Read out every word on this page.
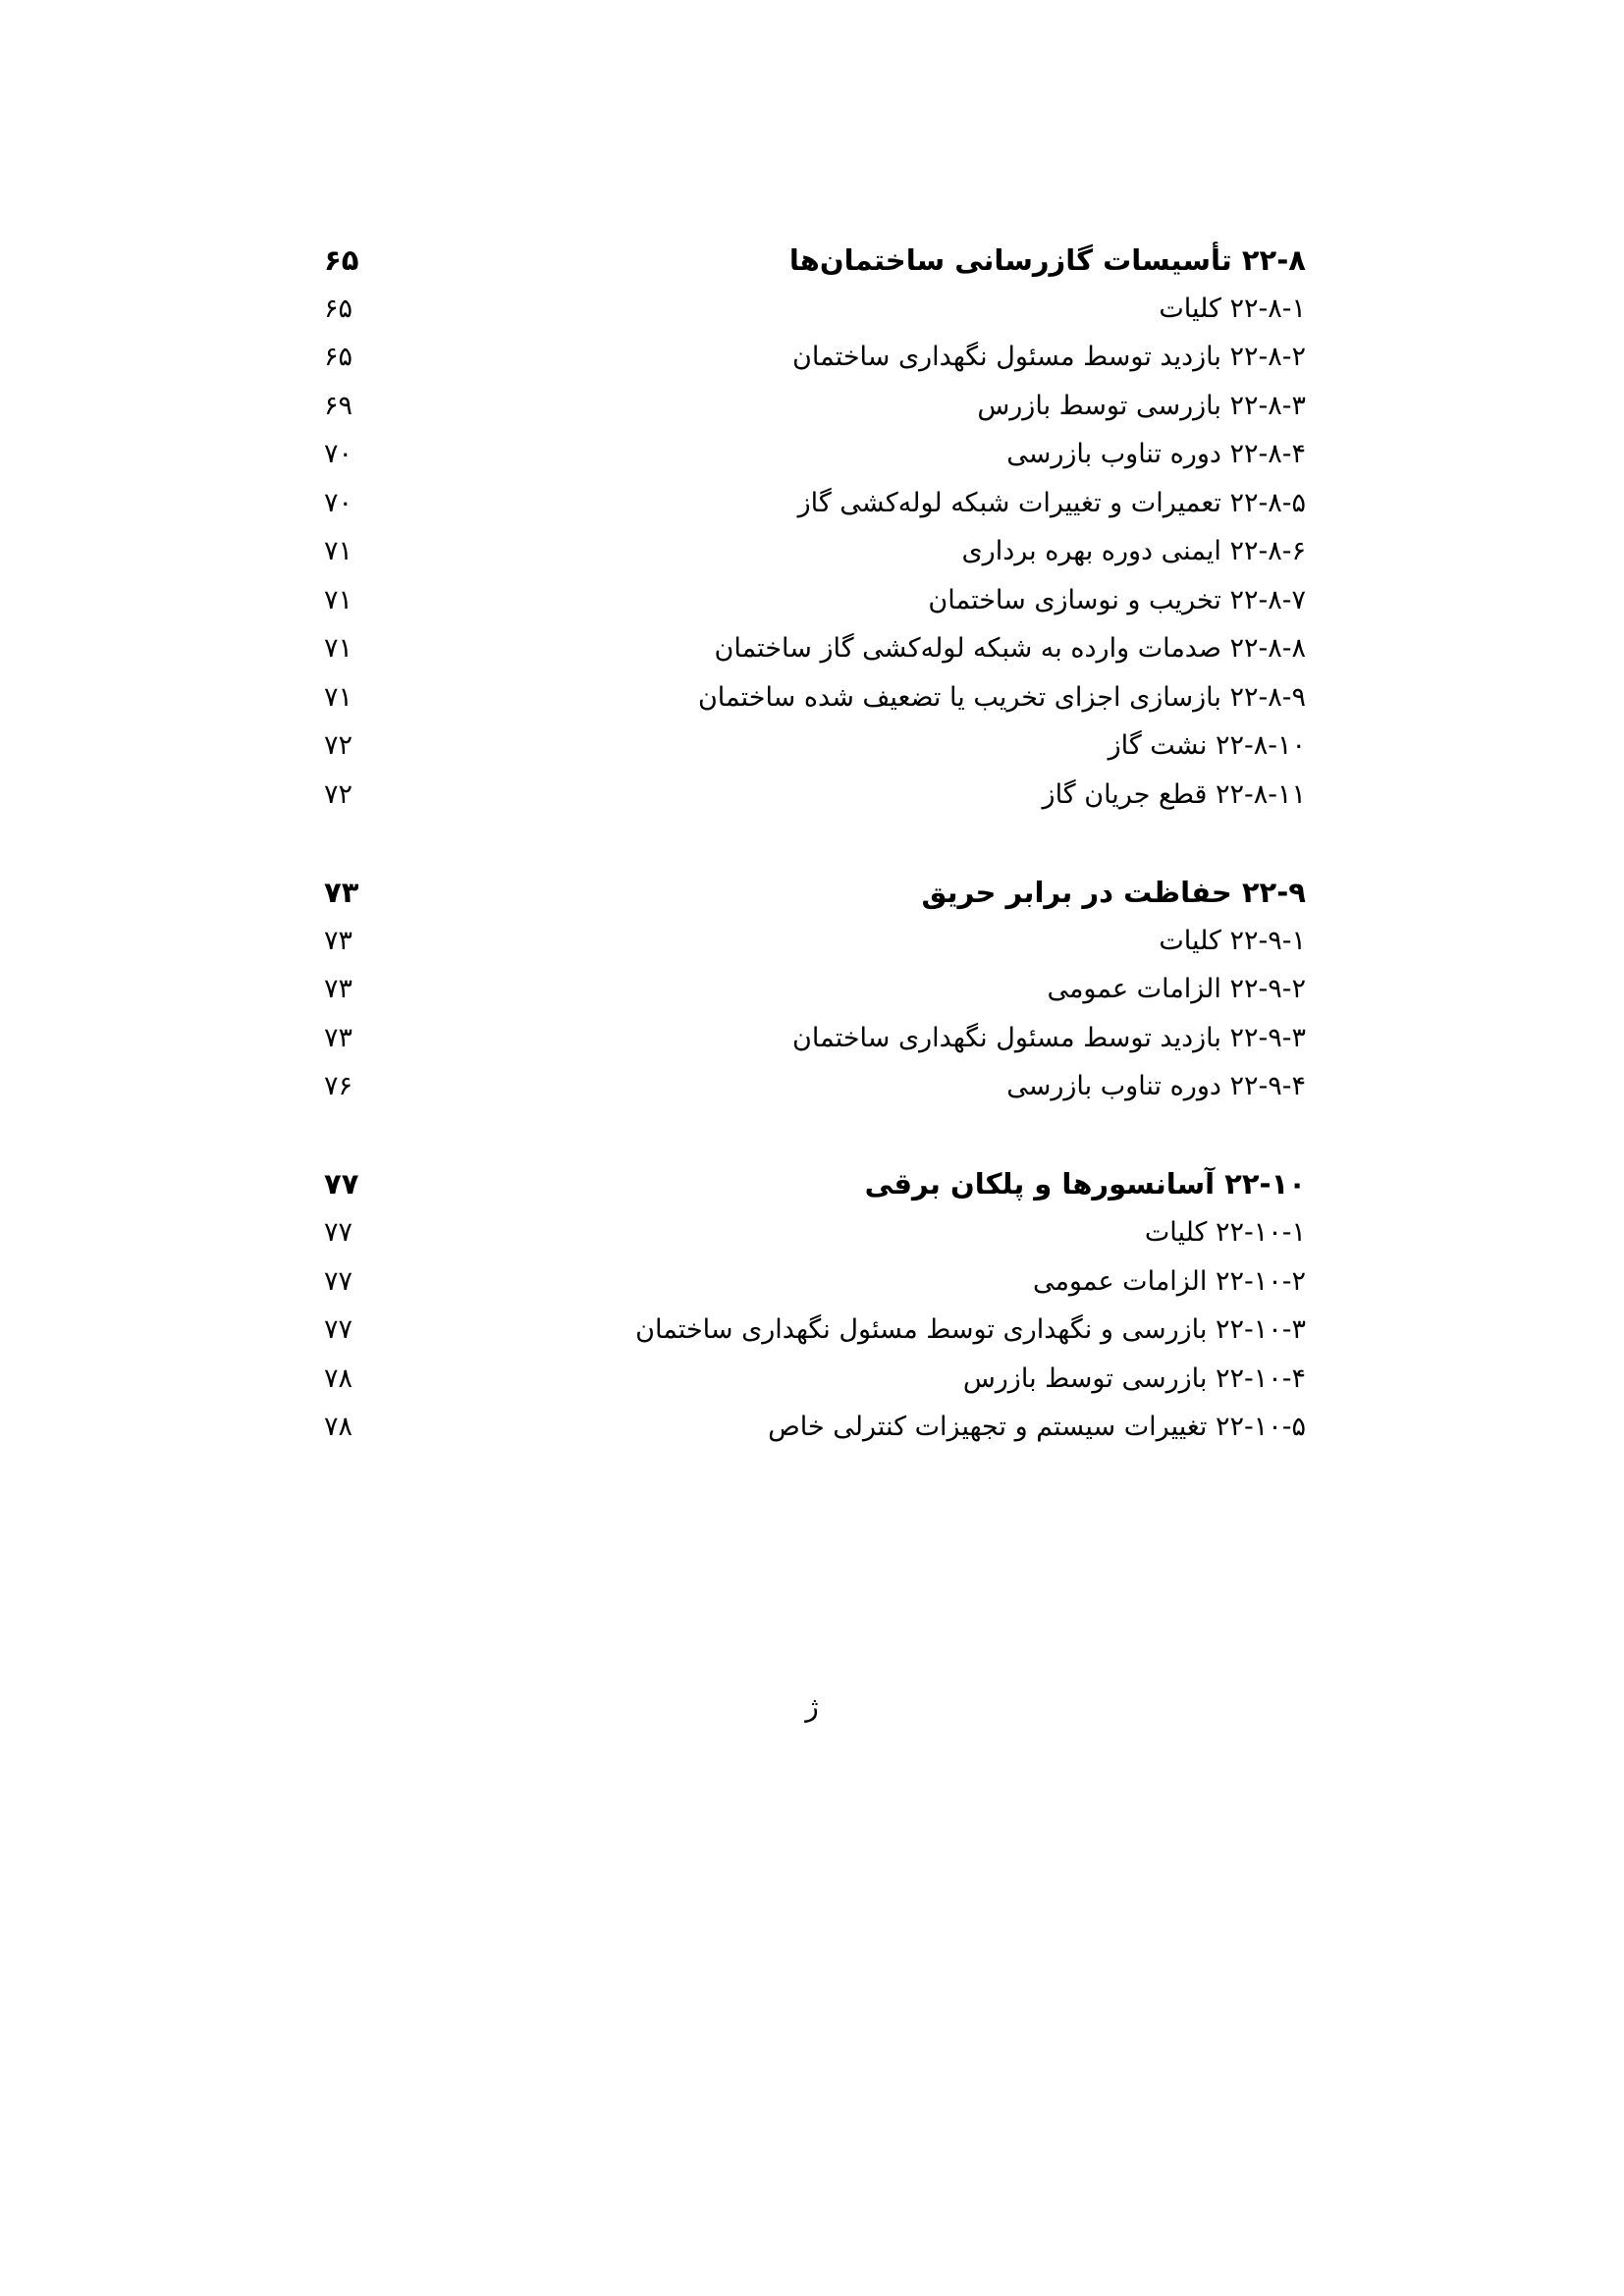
۶۵	۲۲-۸ تأسیسات گازرسانی ساختمان‌ها
۶۵	۲۲-۸-۱ کلیات
۶۵	۲۲-۸-۲ بازدید توسط مسئول نگهداری ساختمان
۶۹	۲۲-۸-۳ بازرسی توسط بازرس
۷۰	۲۲-۸-۴ دوره تناوب بازرسی
۷۰	۲۲-۸-۵ تعمیرات و تغییرات شبکه لوله‌کشی گاز
۷۱	۲۲-۸-۶ ایمنی دوره بهره برداری
۷۱	۲۲-۸-۷ تخریب و نوسازی ساختمان
۷۱	۲۲-۸-۸ صدمات وارده به شبکه لوله‌کشی گاز ساختمان
۷۱	۲۲-۸-۹ بازسازی اجزای تخریب یا تضعیف شده ساختمان
۷۲	۲۲-۸-۱۰ نشت گاز
۷۲	۲۲-۸-۱۱ قطع جریان گاز
۷۳	۲۲-۹ حفاظت در برابر حریق
۷۳	۲۲-۹-۱ کلیات
۷۳	۲۲-۹-۲ الزامات عمومی
۷۳	۲۲-۹-۳ بازدید توسط مسئول نگهداری ساختمان
۷۶	۲۲-۹-۴ دوره تناوب بازرسی
۷۷	۲۲-۱۰ آسانسورها و پلکان برقی
۷۷	۲۲-۱۰-۱ کلیات
۷۷	۲۲-۱۰-۲ الزامات عمومی
۷۷	۲۲-۱۰-۳ بازرسی و نگهداری توسط مسئول نگهداری ساختمان
۷۸	۲۲-۱۰-۴ بازرسی توسط بازرس
۷۸	۲۲-۱۰-۵ تغییرات سیستم و تجهیزات کنترلی خاص
ژ
